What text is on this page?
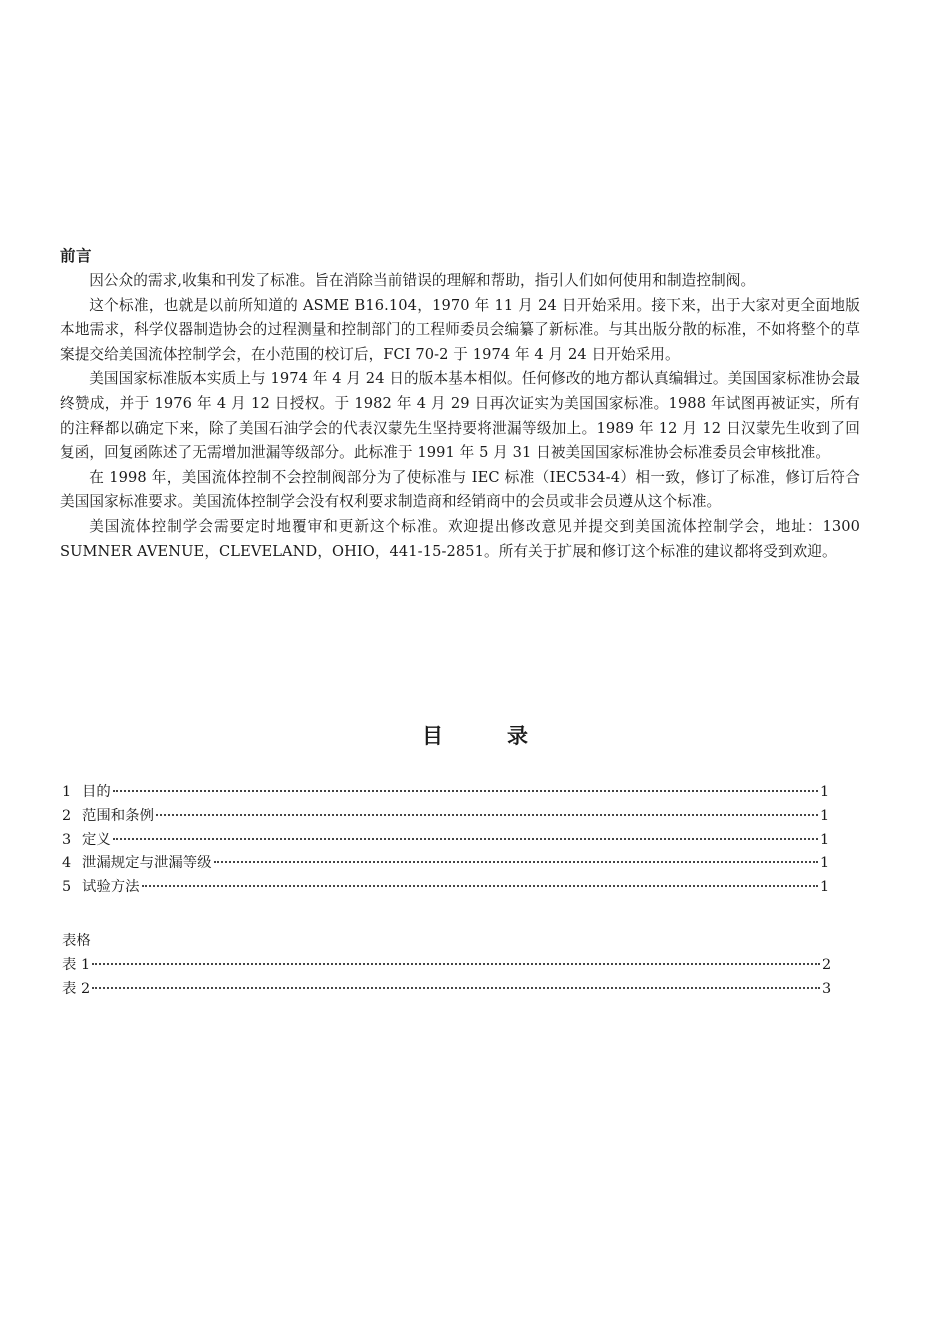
前言

因公众的需求,收集和刊发了标准。旨在消除当前错误的理解和帮助，指引人们如何使用和制造控制阀。

这个标准，也就是以前所知道的 ASME B16.104，1970 年 11 月 24 日开始采用。接下来，出于大家对更全面地版本地需求，科学仪器制造协会的过程测量和控制部门的工程师委员会编纂了新标准。与其出版分散的标准，不如将整个的草案提交给美国流体控制学会，在小范围的校订后，FCI 70-2 于 1974 年 4 月 24 日开始采用。

美国国家标准版本实质上与 1974 年 4 月 24 日的版本基本相似。任何修改的地方都认真编辑过。美国国家标准协会最终赞成，并于 1976 年 4 月 12 日授权。于 1982 年 4 月 29 日再次证实为美国国家标准。1988 年试图再被证实，所有的注释都以确定下来，除了美国石油学会的代表汉蒙先生坚持要将泄漏等级加上。1989 年 12 月 12 日汉蒙先生收到了回复函，回复函陈述了无需增加泄漏等级部分。此标准于 1991 年 5 月 31 日被美国国家标准协会标准委员会审核批准。

在 1998 年，美国流体控制不会控制阀部分为了使标准与 IEC 标准（IEC534-4）相一致，修订了标准，修订后符合美国国家标准要求。美国流体控制学会没有权利要求制造商和经销商中的会员或非会员遵从这个标准。

美国流体控制学会需要定时地覆审和更新这个标准。欢迎提出修改意见并提交到美国流体控制学会，地址：1300 SUMNER AVENUE，CLEVELAND，OHIO，441-15-2851。所有关于扩展和修订这个标准的建议都将受到欢迎。

目	录
1 目的	1
2 范围和条例	1
3 定义	1
4 泄漏规定与泄漏等级	1
5 试验方法	1
表格
表 1	2
表 2	3
